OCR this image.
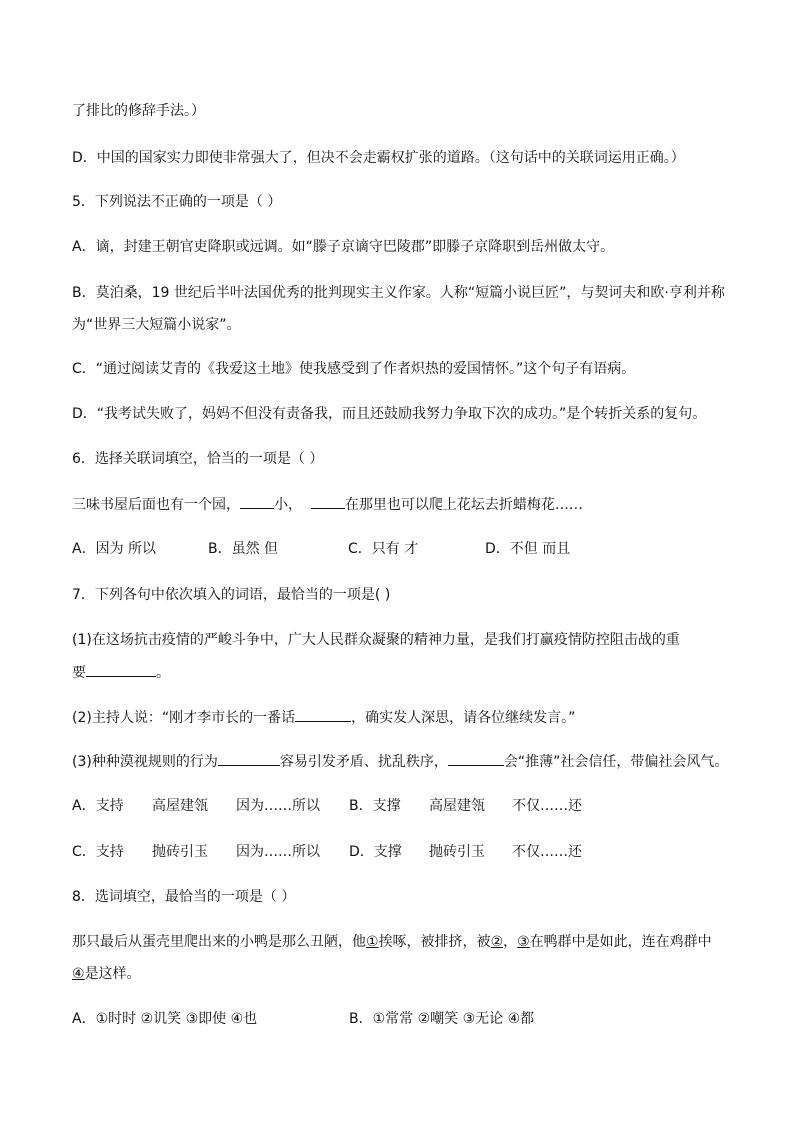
了排比的修辞手法。）
D．中国的国家实力即使非常强大了，但决不会走霸权扩张的道路。（这句话中的关联词运用正确。）
5．下列说法不正确的一项是（ ）
A．谪，封建王朝官吏降职或远调。如“滕子京谪守巴陵郡”即滕子京降职到岳州做太守。
B．莫泊桑，19 世纪后半叶法国优秀的批判现实主义作家。人称“短篇小说巨匠”，与契诃夫和欧·亨利并称
为“世界三大短篇小说家”。
C．“通过阅读艾青的《我爱这土地》使我感受到了作者炽热的爱国情怀。”这个句子有语病。
D．“我考试失败了，妈妈不但没有责备我，而且还鼓励我努力争取下次的成功。”是个转折关系的复句。
6．选择关联词填空，恰当的一项是（ ）
三味书屋后面也有一个园， 小，	在那里也可以爬上花坛去折蜡梅花……
A．因为 所以	B．虽然 但	C．只有 才	D．不但 而且
7．下列各句中依次填入的词语，最恰当的一项是( )
(1)在这场抗击疫情的严峻斗争中，广大人民群众凝聚的精神力量，是我们打赢疫情防控阻击战的重
要	。
(2)主持人说：“刚才李市长的一番话	，确实发人深思，请各位继续发言。”
(3)种种漠视规则的行为	容易引发矛盾、扰乱秩序，	会“推薄”社会信任，带偏社会风气。
A．支持 高屋建瓴 因为……所以 B．支撑 高屋建瓴 不仅……还
C．支持 抛砖引玉 因为……所以 D．支撑 抛砖引玉 不仅……还
8．选词填空，最恰当的一项是（ ）
那只最后从蛋壳里爬出来的小鸭是那么丑陋，他①挨啄，被排挤，被②，③在鸭群中是如此，连在鸡群中
④是这样。
A．①时时 ②讥笑 ③即使 ④也	B．①常常 ②嘲笑 ③无论 ④都
